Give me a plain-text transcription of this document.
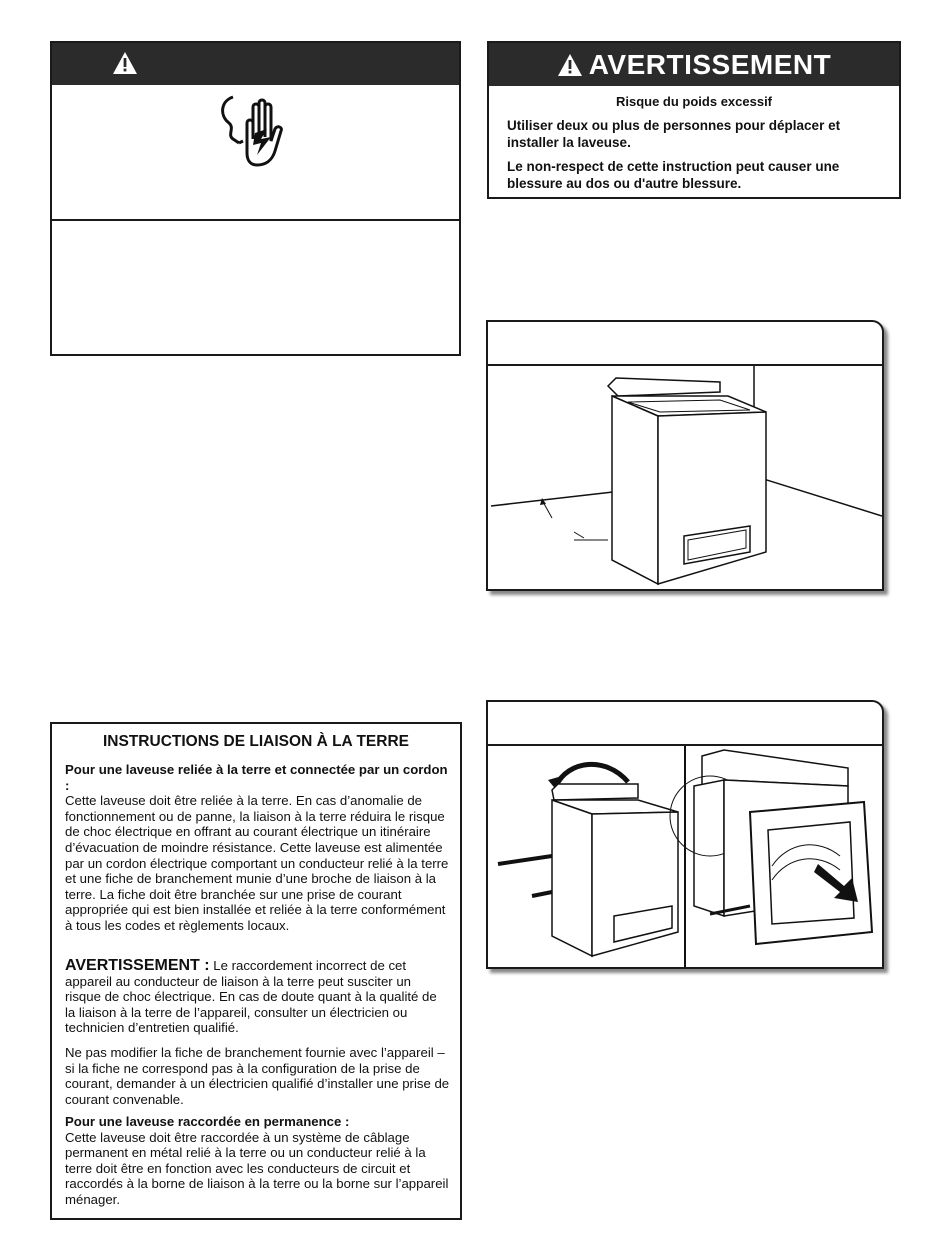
AVERTISSEMENT
Risque du poids excessif
Utiliser deux ou plus de personnes pour déplacer et installer la laveuse.
Le non-respect de cette instruction peut causer une blessure au dos ou d'autre blessure.
INSTRUCTIONS DE LIAISON À LA TERRE
Pour une laveuse reliée à la terre et connectée par un cordon :
Cette laveuse doit être reliée à la terre. En cas d’anomalie de fonctionnement ou de panne, la liaison à la terre réduira le risque de choc électrique en offrant au courant électrique un itinéraire d’évacuation de moindre résistance. Cette laveuse est alimentée par un cordon électrique comportant un conducteur relié à la terre et une fiche de branchement munie d’une broche de liaison à la terre. La fiche doit être branchée sur une prise de courant appropriée qui est bien installée et reliée à la terre conformément à tous les codes et règlements locaux.
AVERTISSEMENT : Le raccordement incorrect de cet appareil au conducteur de liaison à la terre peut susciter un risque de choc électrique. En cas de doute quant à la qualité de la liaison à la terre de l’appareil, consulter un électricien ou technicien d’entretien qualifié.
Ne pas modifier la fiche de branchement fournie avec l’appareil – si la fiche ne correspond pas à la configuration de la prise de courant, demander à un électricien qualifié d’installer une prise de courant convenable.
Pour une laveuse raccordée en permanence :
Cette laveuse doit être raccordée à un système de câblage permanent en métal relié à la terre ou un conducteur relié à la terre doit être en fonction avec les conducteurs de circuit et raccordés à la borne de liaison à la terre ou la borne sur l’appareil ménager.
